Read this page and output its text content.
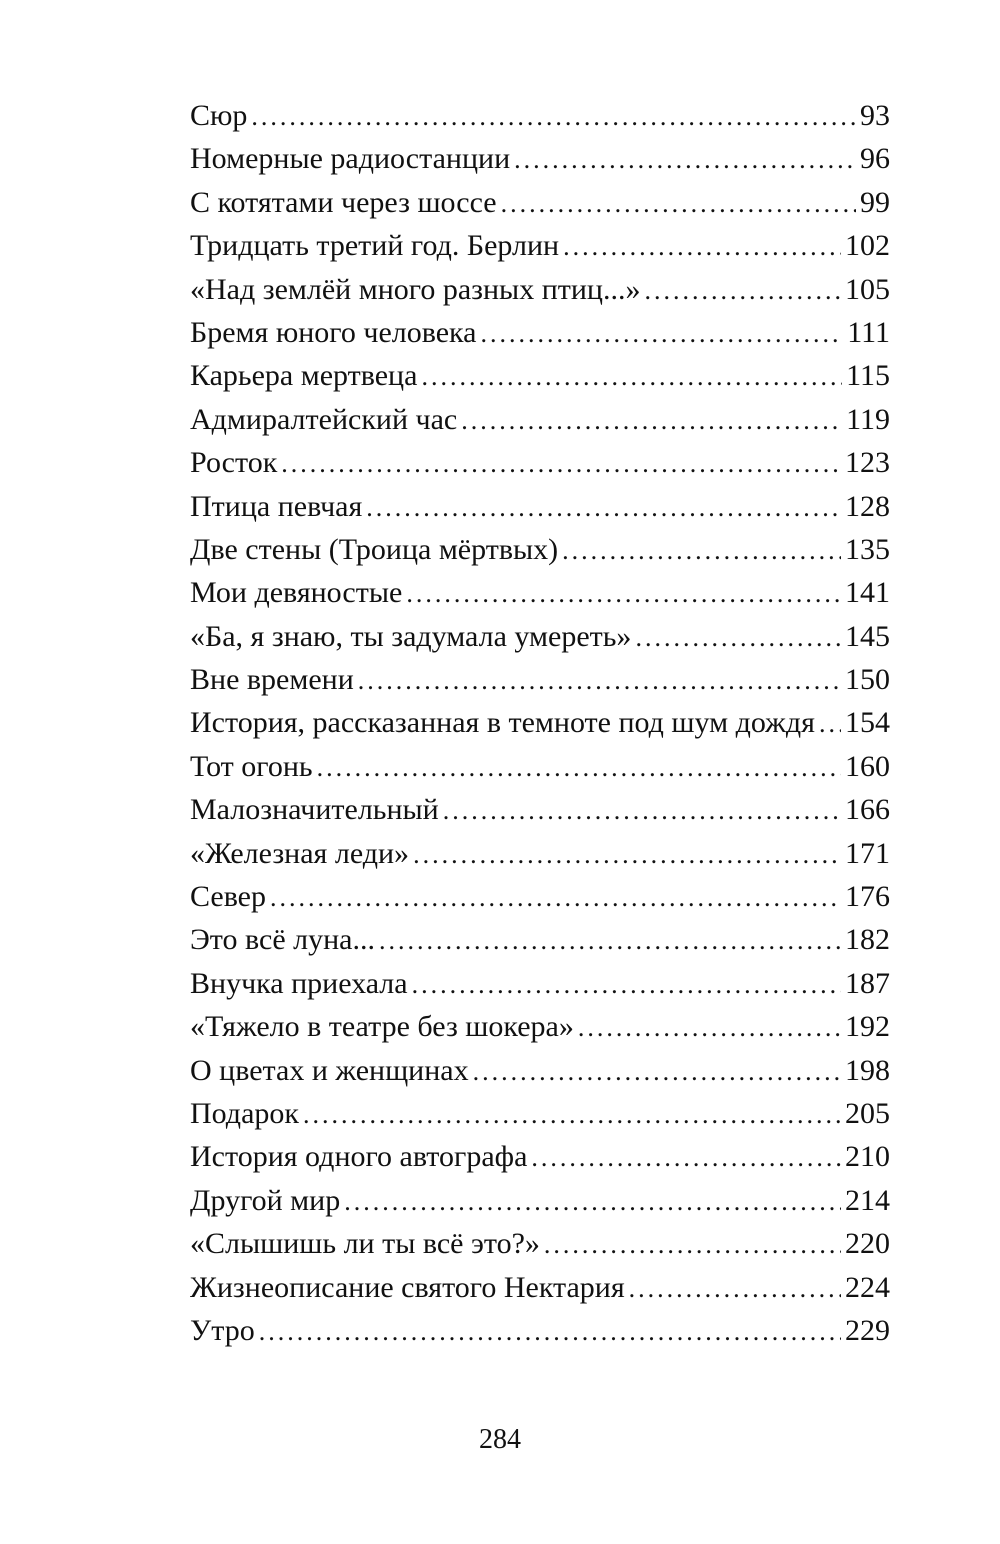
Сюр .....	93
Номерные радиостанции .....	96
С котятами через шоссе .....	99
Тридцать третий год. Берлин .....	102
«Над землёй много разных птиц...» .....	105
Бремя юного человека .....	111
Карьера мертвеца .....	115
Адмиралтейский час .....	119
Росток .....	123
Птица певчая .....	128
Две стены (Троица мёртвых) .....	135
Мои девяностые .....	141
«Ба, я знаю, ты задумала умереть» .....	145
Вне времени .....	150
История, рассказанная в темноте под шум дождя ..... 154
Тот огонь .....	160
Малозначительный .....	166
«Железная леди» .....	171
Север .....	176
Это всё луна... .....	182
Внучка приехала .....	187
«Тяжело в театре без шокера» .....	192
О цветах и женщинах .....	198
Подарок .....	205
История одного автографа .....	210
Другой мир .....	214
«Слышишь ли ты всё это?» .....	220
Жизнеописание святого Нектария .....	224
Утро .....	229
284
